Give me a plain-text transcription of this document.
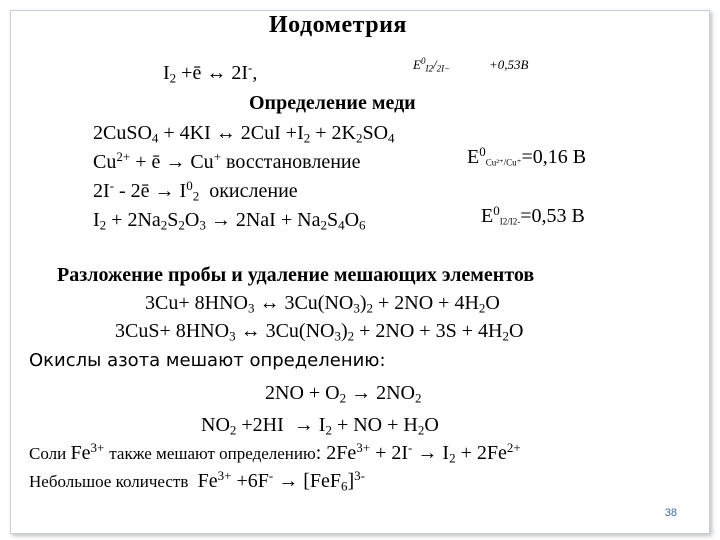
Иодометрия
$I_2$ +ē ↔ 2I-,	$E^0_{I2}/_{2I-}$	+0,53B
Определение меди
2CuSO$_4$ + 4KI ↔ $2CuI +I_2 + 2K_2SO_4$
$Cu^{2+}$ + ē → Cu+ восстановление	$E^0_{Cu^{2+}/Cu^+}=0,16$ В
2I- - 2ē → $I^0_2$  окисление
$I_2 + 2Na_2S_2O_3 \to 2NaI + Na_2S_4O_6$	$E^0_{I2/I2-}=0,53$ В
Разложение пробы и удаление мешающих элементов
$3Cu+ 8HNO_3$ ↔ $3Cu(NO_3)_2 + 2NO + 4H_2O$
$3CuS+ 8HNO_3$ ↔ $3Cu(NO_3)_2 + 2NO + 3S + 4H_2O$
Окислы азота мешают определению:
$2NO + O_2 \to 2NO_2$
$NO_2 +2HI \to I_2$ + NO + $H_2O$
Соли $Fe^{3+}$ также мешают определению: $2Fe^{3+} + 2I^- \to I_2 + 2Fe^{2+}$
Небольшое количеств  $Fe^{3+} +6F^- \to [FeF_6]^{3-}$
38
